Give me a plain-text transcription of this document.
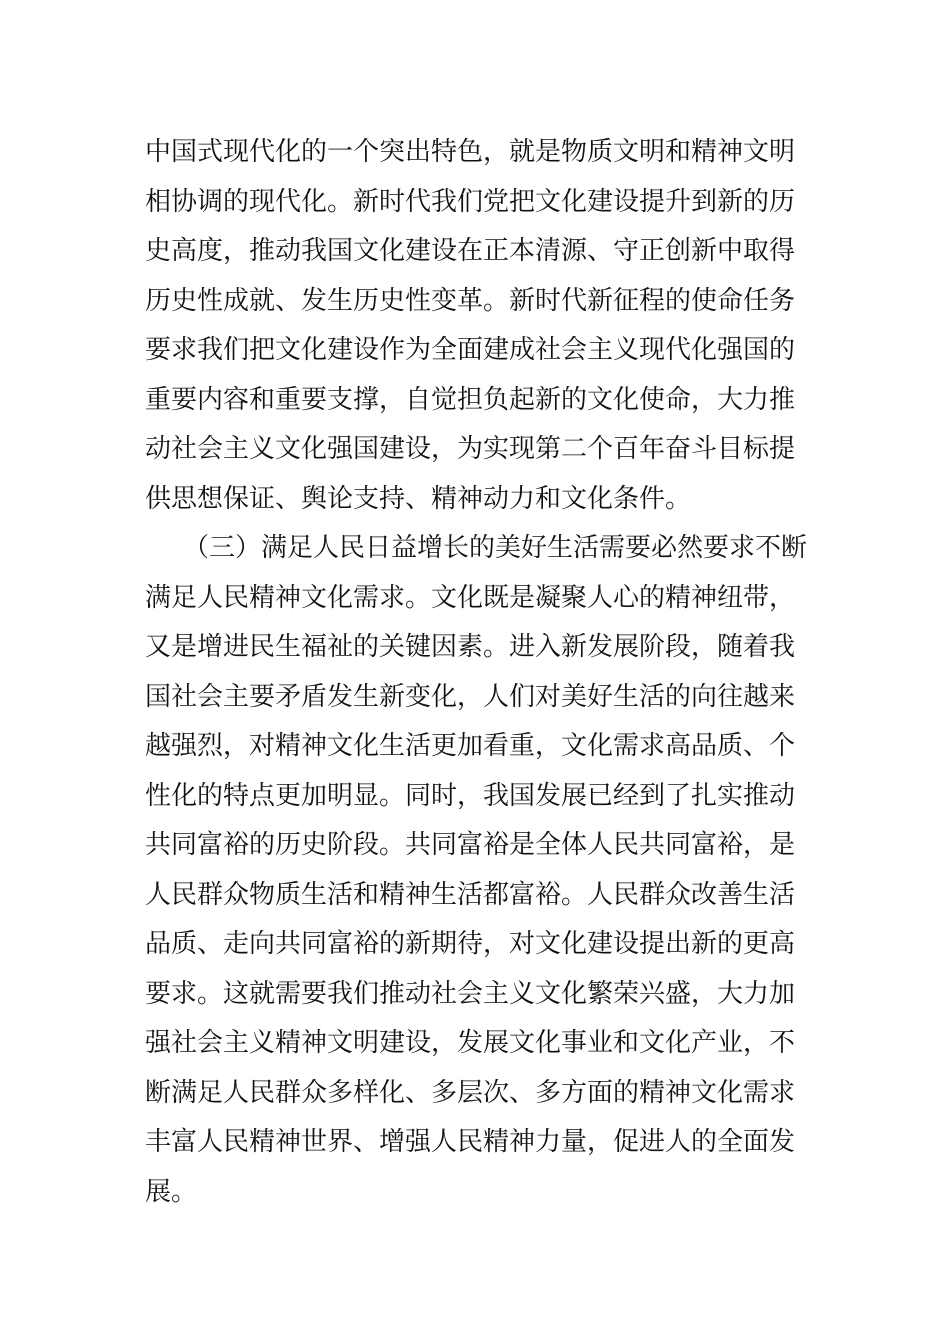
中国式现代化的一个突出特色，就是物质文明和精神文明
相协调的现代化。新时代我们党把文化建设提升到新的历
史高度，推动我国文化建设在正本清源、守正创新中取得
历史性成就、发生历史性变革。新时代新征程的使命任务
要求我们把文化建设作为全面建成社会主义现代化强国的
重要内容和重要支撑，自觉担负起新的文化使命，大力推
动社会主义文化强国建设，为实现第二个百年奋斗目标提
供思想保证、舆论支持、精神动力和文化条件。
（三）满足人民日益增长的美好生活需要必然要求不断
满足人民精神文化需求。文化既是凝聚人心的精神纽带，
又是增进民生福祉的关键因素。进入新发展阶段，随着我
国社会主要矛盾发生新变化，人们对美好生活的向往越来
越强烈，对精神文化生活更加看重，文化需求高品质、个
性化的特点更加明显。同时，我国发展已经到了扎实推动
共同富裕的历史阶段。共同富裕是全体人民共同富裕，是
人民群众物质生活和精神生活都富裕。人民群众改善生活
品质、走向共同富裕的新期待，对文化建设提出新的更高
要求。这就需要我们推动社会主义文化繁荣兴盛，大力加
强社会主义精神文明建设，发展文化事业和文化产业，不
断满足人民群众多样化、多层次、多方面的精神文化需求
丰富人民精神世界、增强人民精神力量，促进人的全面发
展。
